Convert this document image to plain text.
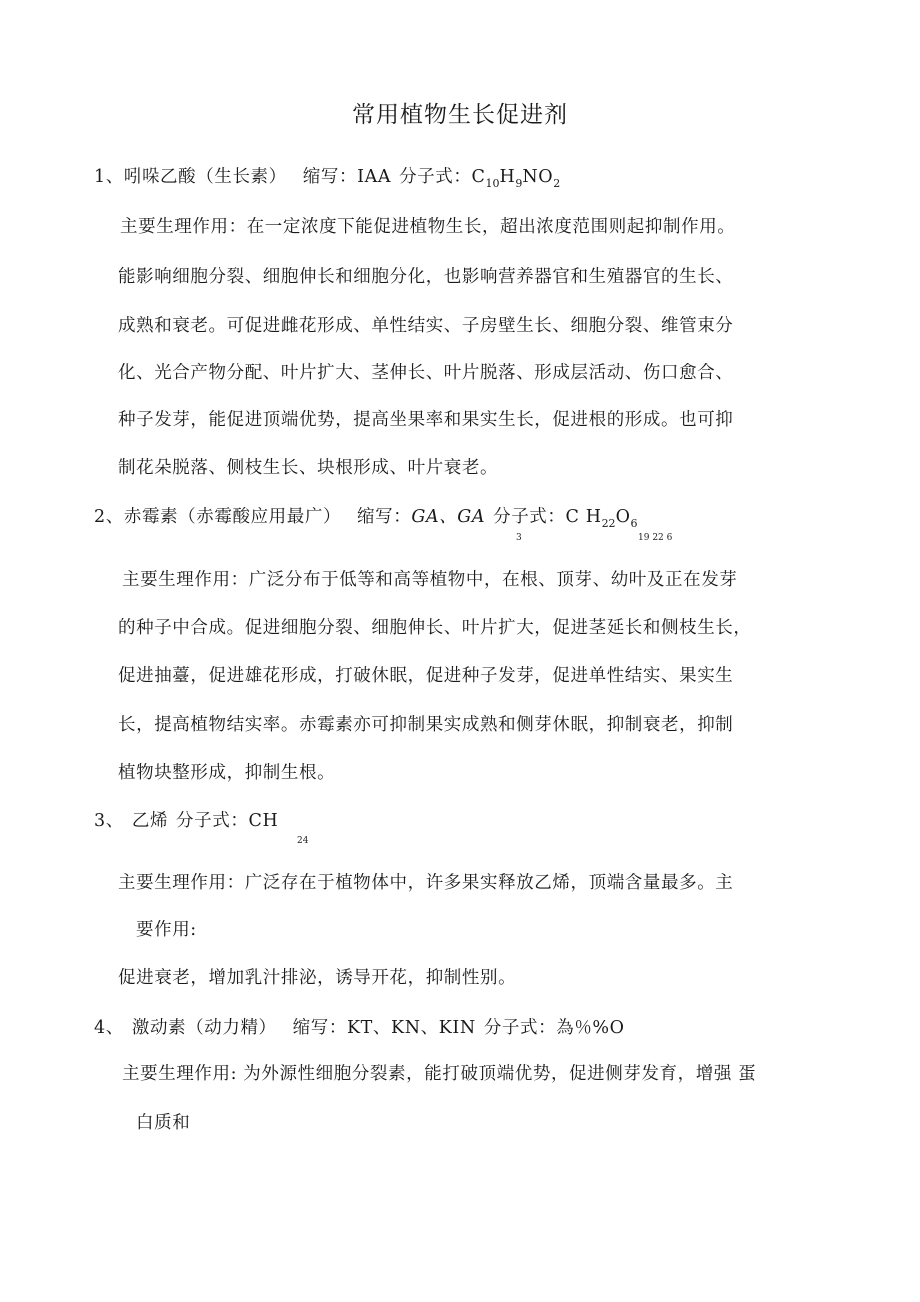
常用植物生长促进剂
1、吲哚乙酸（生长素） 缩写：IAA 分子式：$C_{10}H_9NO_2$
主要生理作用：在一定浓度下能促进植物生长，超出浓度范围则起抑制作用。
能影响细胞分裂、细胞伸长和细胞分化，也影响营养器官和生殖器官的生长、
成熟和衰老。可促进雌花形成、单性结实、子房壁生长、细胞分裂、维管束分
化、光合产物分配、叶片扩大、茎伸长、叶片脱落、形成层活动、伤口愈合、
种子发芽，能促进顶端优势，提高坐果率和果实生长，促进根的形成。也可抑
制花朵脱落、侧枝生长、块根形成、叶片衰老。
2、赤霉素（赤霉酸应用最广） 缩写：GA、GA 分子式：C $H_{22}O_6$
3	19 22 6
主要生理作用：广泛分布于低等和高等植物中，在根、顶芽、幼叶及正在发芽
的种子中合成。促进细胞分裂、细胞伸长、叶片扩大，促进茎延长和侧枝生长，
促进抽薹，促进雄花形成，打破休眠，促进种子发芽，促进单性结实、果实生
长，提高植物结实率。赤霉素亦可抑制果实成熟和侧芽休眠，抑制衰老，抑制
植物块整形成，抑制生根。
3、 乙烯 分子式：CH
24
主要生理作用：广泛存在于植物体中，许多果实释放乙烯，顶端含量最多。主
要作用:
促进衰老，增加乳汁排泌，诱导开花，抑制性别。
4、 激动素（动力精） 缩写：KT、KN、KIN 分子式：為％%O
主要生理作用: 为外源性细胞分裂素，能打破顶端优势，促进侧芽发育，增强 蛋
白质和
